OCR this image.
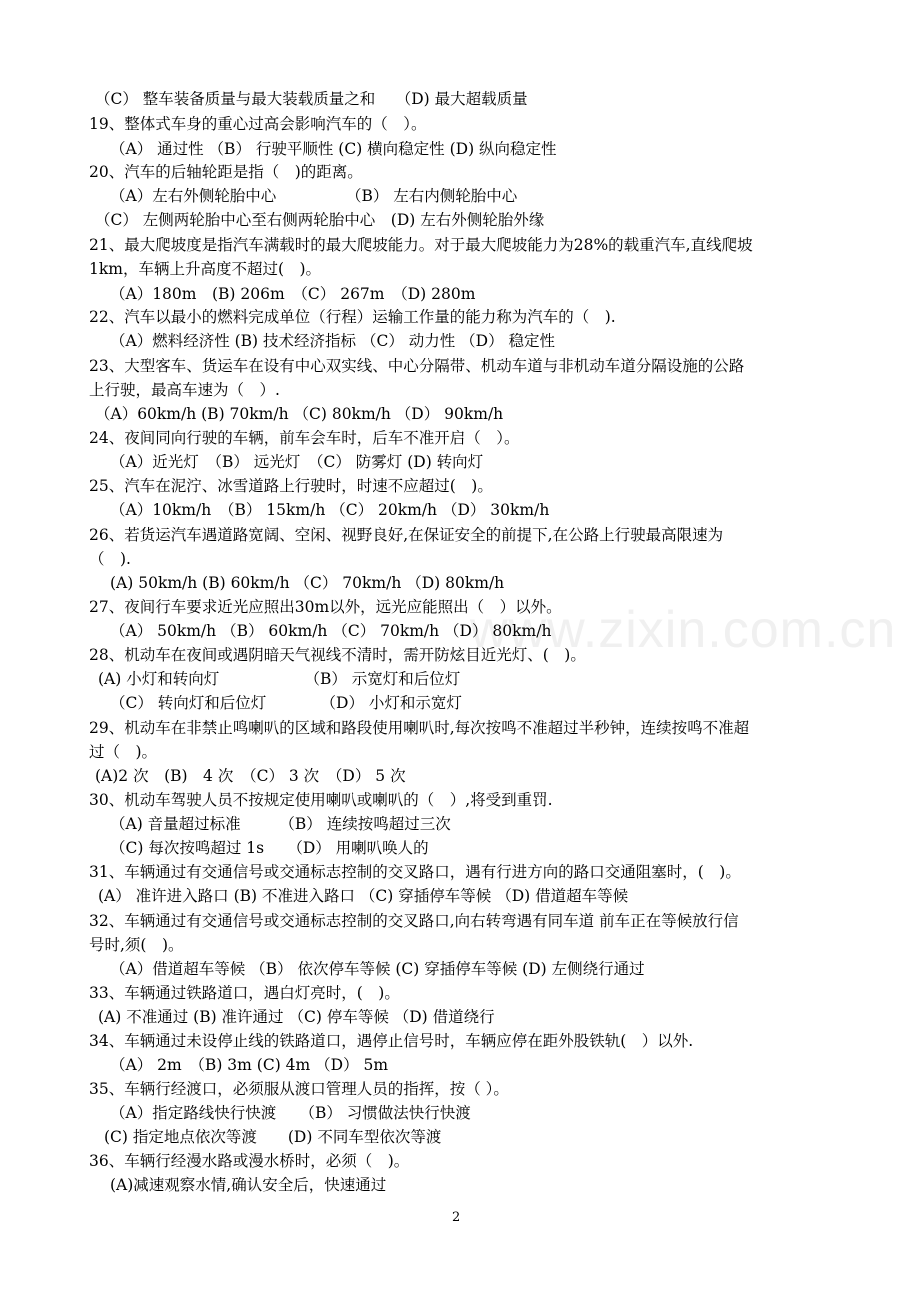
www.zixin.com.cn
（C） 整车装备质量与最大装载质量之和　 （D) 最大超载质量
19、整体式车身的重心过高会影响汽车的（　）。
（A） 通过性 （B） 行驶平顺性 (C) 横向稳定性 (D) 纵向稳定性
20、汽车的后轴轮距是指（　)的距离。
（A）左右外侧轮胎中心　　　　　（B） 左右内侧轮胎中心
（C） 左侧两轮胎中心至右侧两轮胎中心　(D) 左右外侧轮胎外缘
21、最大爬坡度是指汽车满载时的最大爬坡能力。对于最大爬坡能力为28%的载重汽车,直线爬坡
1km，车辆上升高度不超过(　)。
（A）180m　(B) 206m　（C） 267m　（D) 280m
22、汽车以最小的燃料完成单位（行程）运输工作量的能力称为汽车的（　).
（A）燃料经济性 (B) 技术经济指标 （C） 动力性 （D） 稳定性
23、大型客车、货运车在设有中心双实线、中心分隔带、机动车道与非机动车道分隔设施的公路
上行驶，最高车速为（　）.
（A）60km/h (B) 70km/h （C) 80km/h （D） 90km/h
24、夜间同向行驶的车辆，前车会车时，后车不准开启（　）。
（A）近光灯　（B） 远光灯　（C） 防雾灯 (D) 转向灯
25、汽车在泥泞、冰雪道路上行驶时，时速不应超过(　)。
（A）10km/h　（B） 15km/h （C） 20km/h （D） 30km/h
26、若货运汽车遇道路宽阔、空闲、视野良好,在保证安全的前提下,在公路上行驶最高限速为
（　).
(A) 50km/h (B) 60km/h （C） 70km/h （D) 80km/h
27、夜间行车要求近光应照出30m以外，远光应能照出（　）以外。
（A） 50km/h （B） 60km/h （C） 70km/h （D） 80km/h
28、机动车在夜间或遇阴暗天气视线不清时，需开防炫目近光灯、(　)。
(A) 小灯和转向灯　　　　　　（B） 示宽灯和后位灯
（C） 转向灯和后位灯　　　　（D） 小灯和示宽灯
29、机动车在非禁止鸣喇叭的区域和路段使用喇叭时,每次按鸣不准超过半秒钟，连续按鸣不准超
过（　)。
(A)2 次　(B)　4 次　（C） 3 次　（D） 5 次
30、机动车驾驶人员不按规定使用喇叭或喇叭的（　）,将受到重罚.
（A) 音量超过标准　　　（B） 连续按鸣超过三次
（C) 每次按鸣超过 1s　　（D） 用喇叭唤人的
31、车辆通过有交通信号或交通标志控制的交叉路口，遇有行进方向的路口交通阻塞时，(　)。
(A） 准许进入路口 (B) 不准进入路口 （C) 穿插停车等候 （D) 借道超车等候
32、车辆通过有交通信号或交通标志控制的交叉路口,向右转弯遇有同车道 前车正在等候放行信
号时,须(　)。
（A）借道超车等候 （B） 依次停车等候 (C) 穿插停车等候 (D) 左侧绕行通过
33、车辆通过铁路道口，遇白灯亮时，(　)。
(A) 不准通过 (B) 准许通过 （C) 停车等候 （D) 借道绕行
34、车辆通过未设停止线的铁路道口，遇停止信号时，车辆应停在距外股铁轨(　）以外.
（A） 2m　（B) 3m (C) 4m （D） 5m
35、车辆行经渡口，必须服从渡口管理人员的指挥，按（ ）。
（A）指定路线快行快渡　　（B） 习惯做法快行快渡
(C) 指定地点依次等渡　　(D) 不同车型依次等渡
36、车辆行经漫水路或漫水桥时，必须（　)。
(A)减速观察水情,确认安全后，快速通过
2
